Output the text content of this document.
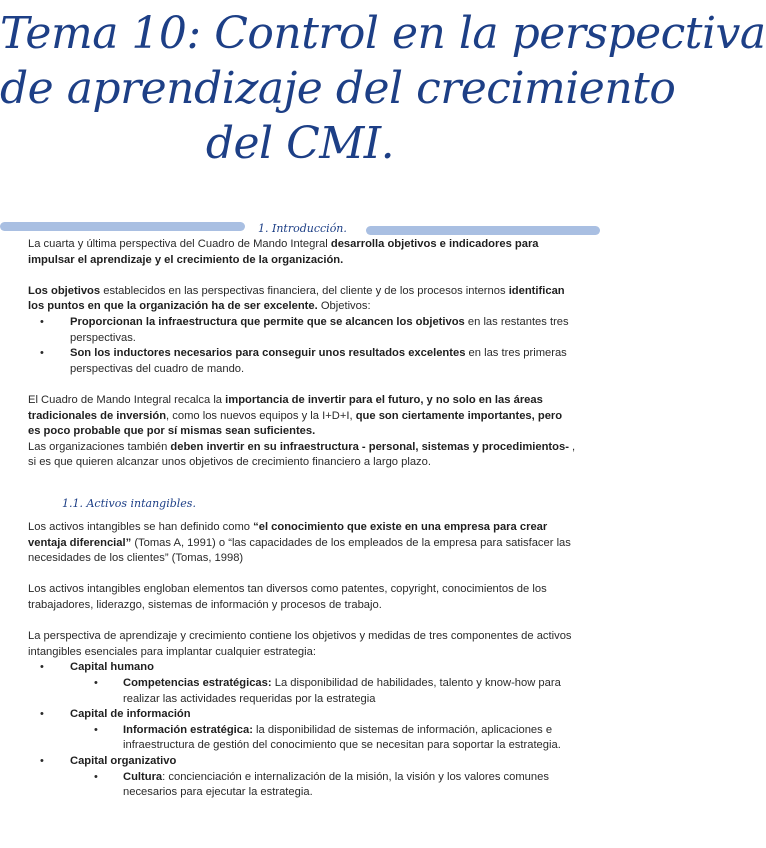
Tema 10: Control en la perspectiva
de aprendizaje del crecimiento
del CMI.
1. Introducción.

La cuarta y última perspectiva del Cuadro de Mando Integral desarrolla objetivos e indicadores para impulsar el aprendizaje y el crecimiento de la organización.

Los objetivos establecidos en las perspectivas financiera, del cliente y de los procesos internos identifican los puntos en que la organización ha de ser excelente. Objetivos:

• Proporcionan la infraestructura que permite que se alcancen los objetivos en las restantes tres perspectivas.

• Son los inductores necesarios para conseguir unos resultados excelentes en las tres primeras perspectivas del cuadro de mando.

El Cuadro de Mando Integral recalca la importancia de invertir para el futuro, y no solo en las áreas tradicionales de inversión, como los nuevos equipos y la I+D+I, que son ciertamente importantes, pero es poco probable que por sí mismas sean suficientes.

Las organizaciones también deben invertir en su infraestructura - personal, sistemas y procedimientos- , si es que quieren alcanzar unos objetivos de crecimiento financiero a largo plazo.

1.1. Activos intangibles.

Los activos intangibles se han definido como “el conocimiento que existe en una empresa para crear ventaja diferencial” (Tomas A, 1991) o “las capacidades de los empleados de la empresa para satisfacer las necesidades de los clientes” (Tomas, 1998)

Los activos intangibles engloban elementos tan diversos como patentes, copyright, conocimientos de los trabajadores, liderazgo, sistemas de información y procesos de trabajo.

La perspectiva de aprendizaje y crecimiento contiene los objetivos y medidas de tres componentes de activos intangibles esenciales para implantar cualquier estrategia:

• Capital humano

• Competencias estratégicas: La disponibilidad de habilidades, talento y know-how para realizar las actividades requeridas por la estrategia

• Capital de información

• Información estratégica: la disponibilidad de sistemas de información, aplicaciones e infraestructura de gestión del conocimiento que se necesitan para soportar la estrategia.

• Capital organizativo

• Cultura: concienciación e internalización de la misión, la visión y los valores comunes necesarios para ejecutar la estrategia.
